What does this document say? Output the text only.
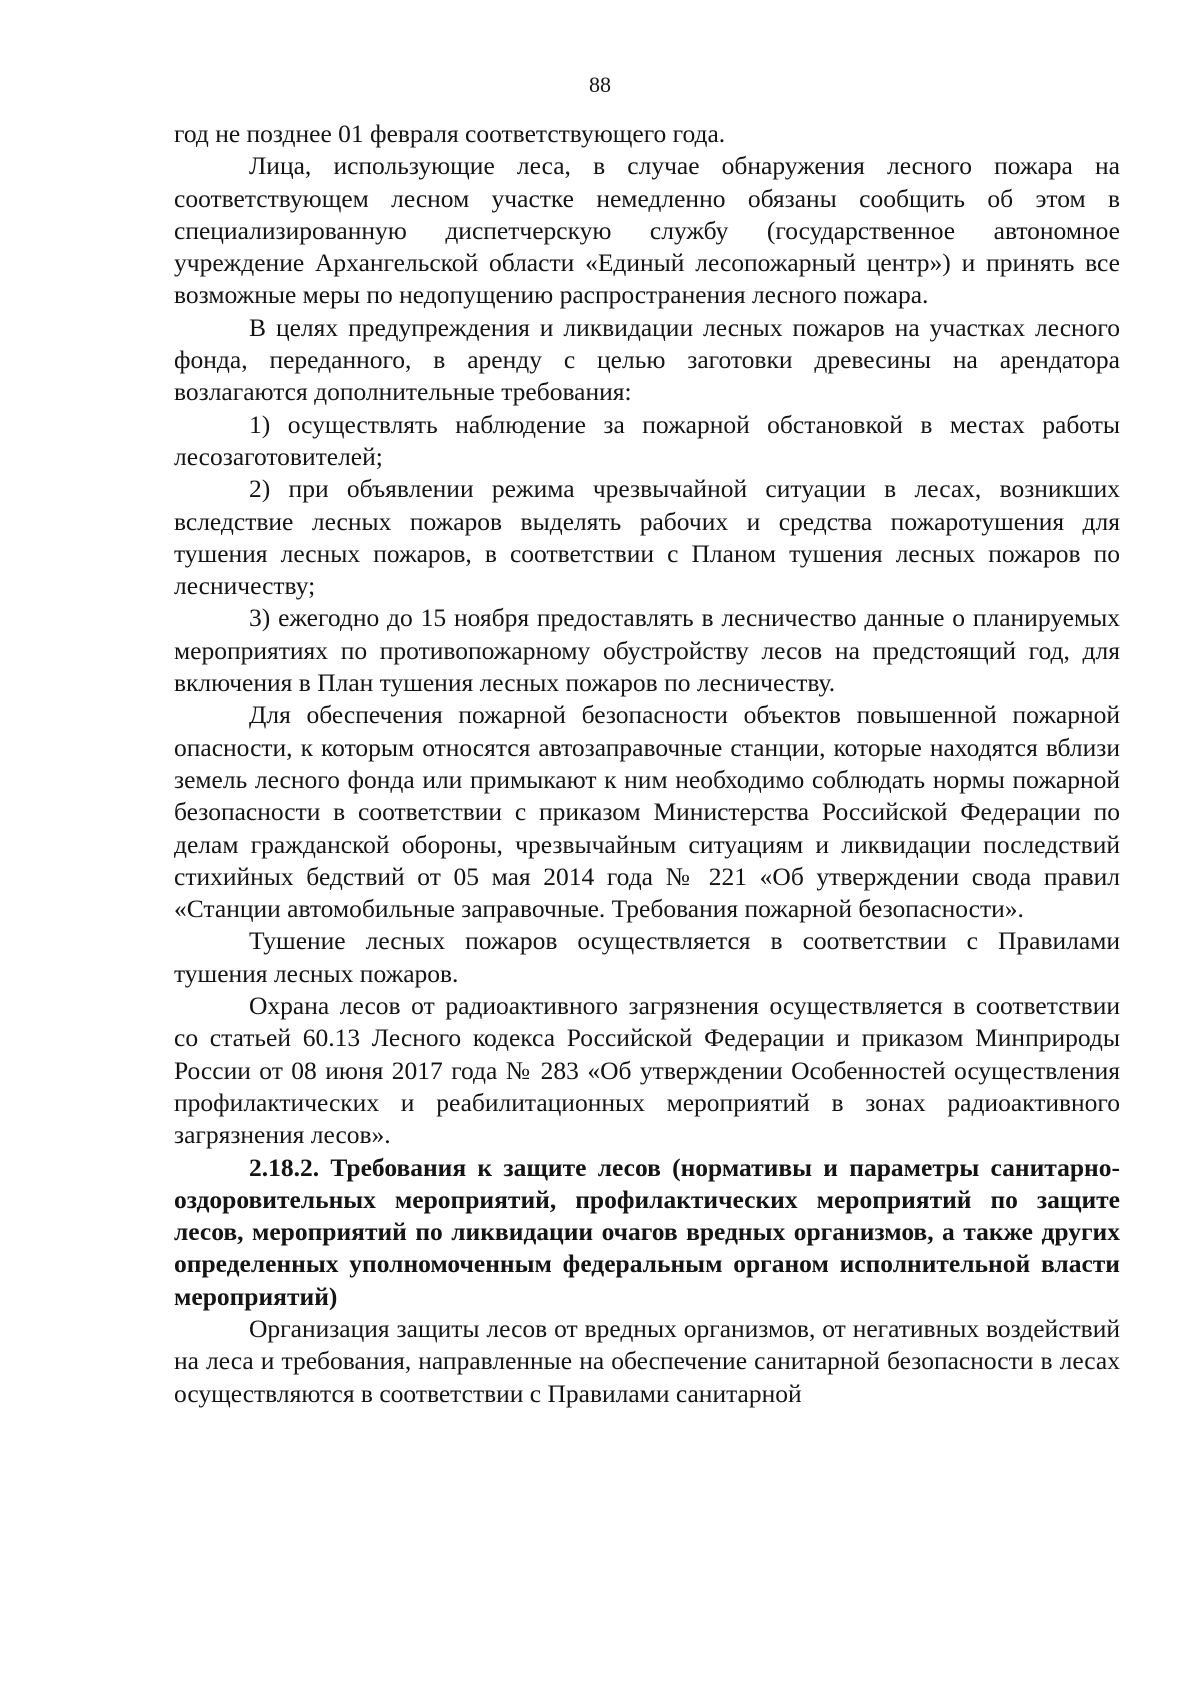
88

год не позднее 01 февраля соответствующего года.

Лица, использующие леса, в случае обнаружения лесного пожара на соответствующем лесном участке немедленно обязаны сообщить об этом в специализированную диспетчерскую службу (государственное автономное учреждение Архангельской области «Единый лесопожарный центр») и принять все возможные меры по недопущению распространения лесного пожара.

В целях предупреждения и ликвидации лесных пожаров на участках лесного фонда, переданного, в аренду с целью заготовки древесины на арендатора возлагаются дополнительные требования:

1) осуществлять наблюдение за пожарной обстановкой в местах работы лесозаготовителей;

2) при объявлении режима чрезвычайной ситуации в лесах, возникших вследствие лесных пожаров выделять рабочих и средства пожаротушения для тушения лесных пожаров, в соответствии с Планом тушения лесных пожаров по лесничеству;

3) ежегодно до 15 ноября предоставлять в лесничество данные о планируемых мероприятиях по противопожарному обустройству лесов на предстоящий год, для включения в План тушения лесных пожаров по лесничеству.

Для обеспечения пожарной безопасности объектов повышенной пожарной опасности, к которым относятся автозаправочные станции, которые находятся вблизи земель лесного фонда или примыкают к ним необходимо соблюдать нормы пожарной безопасности в соответствии с приказом Министерства Российской Федерации по делам гражданской обороны, чрезвычайным ситуациям и ликвидации последствий стихийных бедствий от 05 мая 2014 года № 221 «Об утверждении свода правил «Станции автомобильные заправочные. Требования пожарной безопасности».

Тушение лесных пожаров осуществляется в соответствии с Правилами тушения лесных пожаров.

Охрана лесов от радиоактивного загрязнения осуществляется в соответствии со статьей 60.13 Лесного кодекса Российской Федерации и приказом Минприроды России от 08 июня 2017 года № 283 «Об утверждении Особенностей осуществления профилактических и реабилитационных мероприятий в зонах радиоактивного загрязнения лесов».

2.18.2. Требования к защите лесов (нормативы и параметры санитарно-оздоровительных мероприятий, профилактических мероприятий по защите лесов, мероприятий по ликвидации очагов вредных организмов, а также других определенных уполномоченным федеральным органом исполнительной власти мероприятий)

Организация защиты лесов от вредных организмов, от негативных воздействий на леса и требования, направленные на обеспечение санитарной безопасности в лесах осуществляются в соответствии с Правилами санитарной
